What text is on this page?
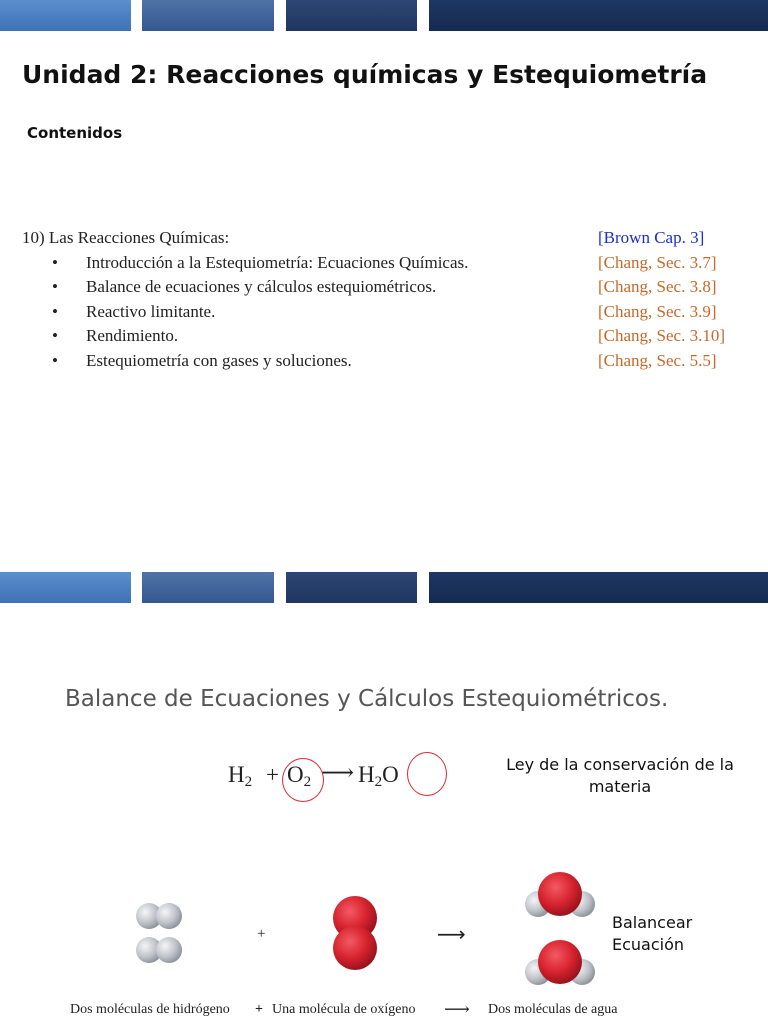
Unidad 2: Reacciones químicas y Estequiometría
Contenidos
10) Las Reacciones Químicas:	[Brown Cap. 3]
• Introducción a la Estequiometría: Ecuaciones Químicas.	[Chang, Sec. 3.7]
• Balance de ecuaciones y cálculos estequiométricos.	[Chang, Sec. 3.8]
• Reactivo limitante.	[Chang, Sec. 3.9]
• Rendimiento.	[Chang, Sec. 3.10]
• Estequiometría con gases y soluciones.	[Chang, Sec. 5.5]
Balance de Ecuaciones y Cálculos Estequiométricos.
$H_2 + O_2$ ⟶ $H_2O$	Ley de la conservación de la materia
+	⟶	Balancear Ecuación
Dos moléculas de hidrógeno + Una molécula de oxígeno ⟶ Dos moléculas de agua
